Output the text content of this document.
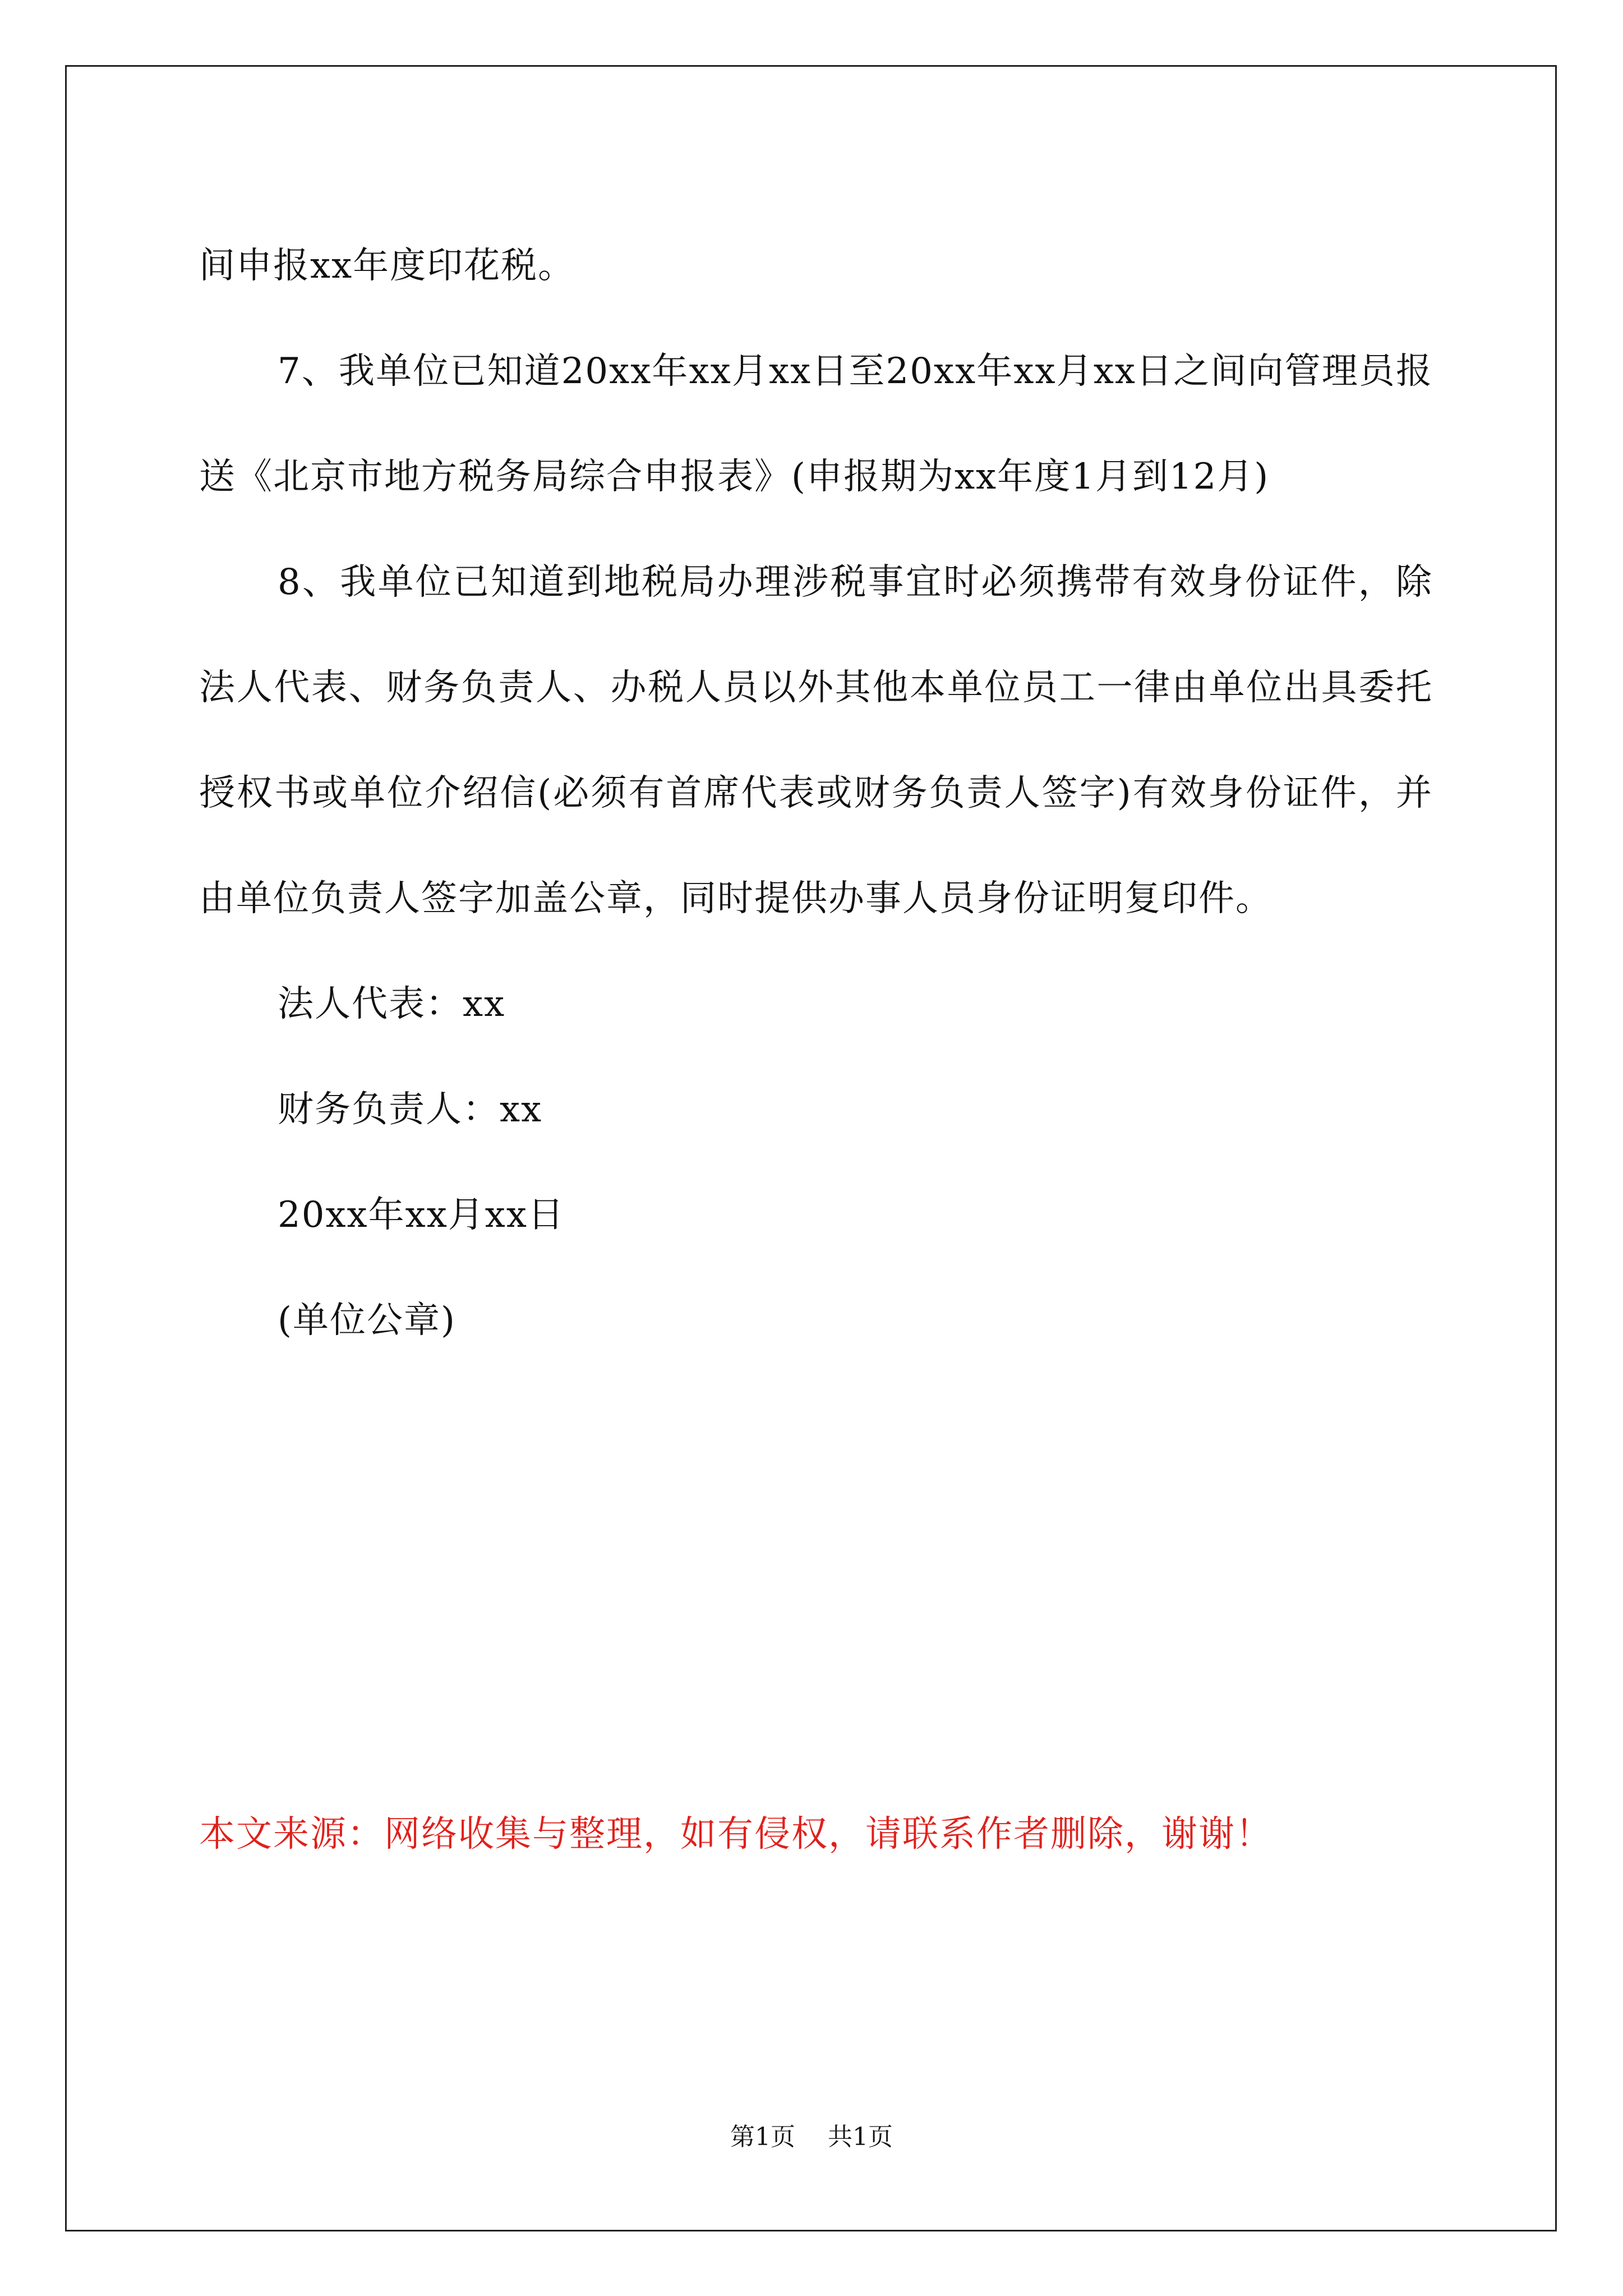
间申报xx年度印花税。

7、我单位已知道20xx年xx月xx日至20xx年xx月xx日之间向管理员报送《北京市地方税务局综合申报表》(申报期为xx年度1月到12月)

8、我单位已知道到地税局办理涉税事宜时必须携带有效身份证件，除法人代表、财务负责人、办税人员以外其他本单位员工一律由单位出具委托授权书或单位介绍信(必须有首席代表或财务负责人签字)有效身份证件，并由单位负责人签字加盖公章，同时提供办事人员身份证明复印件。

法人代表：xx

财务负责人：xx

20xx年xx月xx日

(单位公章)

本文来源：网络收集与整理，如有侵权，请联系作者删除，谢谢！
第1页 共1页
